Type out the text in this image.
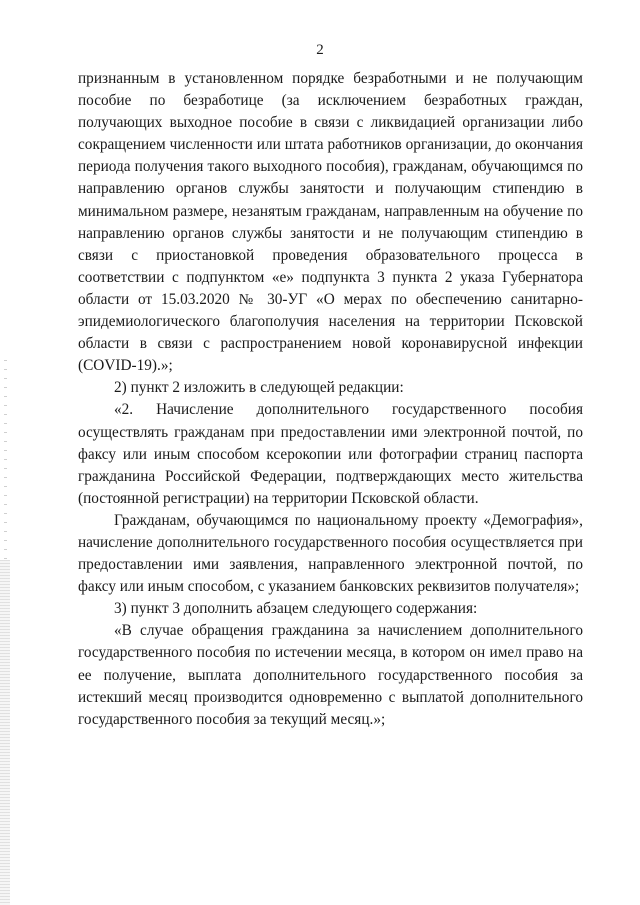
2

признанным в установленном порядке безработными и не получающим пособие по безработице (за исключением безработных граждан, получающих выходное пособие в связи с ликвидацией организации либо сокращением численности или штата работников организации, до окончания периода получения такого выходного пособия), гражданам, обучающимся по направлению органов службы занятости и получающим стипендию в минимальном размере, незанятым гражданам, направленным на обучение по направлению органов службы занятости и не получающим стипендию в связи с приостановкой проведения образовательного процесса в соответствии с подпунктом «е» подпункта 3 пункта 2 указа Губернатора области от 15.03.2020 № 30-УГ «О мерах по обеспечению санитарно-эпидемиологического благополучия населения на территории Псковской области в связи с распространением новой коронавирусной инфекции (COVID-19).»;

2) пункт 2 изложить в следующей редакции:

«2. Начисление дополнительного государственного пособия осуществлять гражданам при предоставлении ими электронной почтой, по факсу или иным способом ксерокопии или фотографии страниц паспорта гражданина Российской Федерации, подтверждающих место жительства (постоянной регистрации) на территории Псковской области.

Гражданам, обучающимся по национальному проекту «Демография», начисление дополнительного государственного пособия осуществляется при предоставлении ими заявления, направленного электронной почтой, по факсу или иным способом, с указанием банковских реквизитов получателя»;

3) пункт 3 дополнить абзацем следующего содержания:

«В случае обращения гражданина за начислением дополнительного государственного пособия по истечении месяца, в котором он имел право на ее получение, выплата дополнительного государственного пособия за истекший месяц производится одновременно с выплатой дополнительного государственного пособия за текущий месяц.»;
